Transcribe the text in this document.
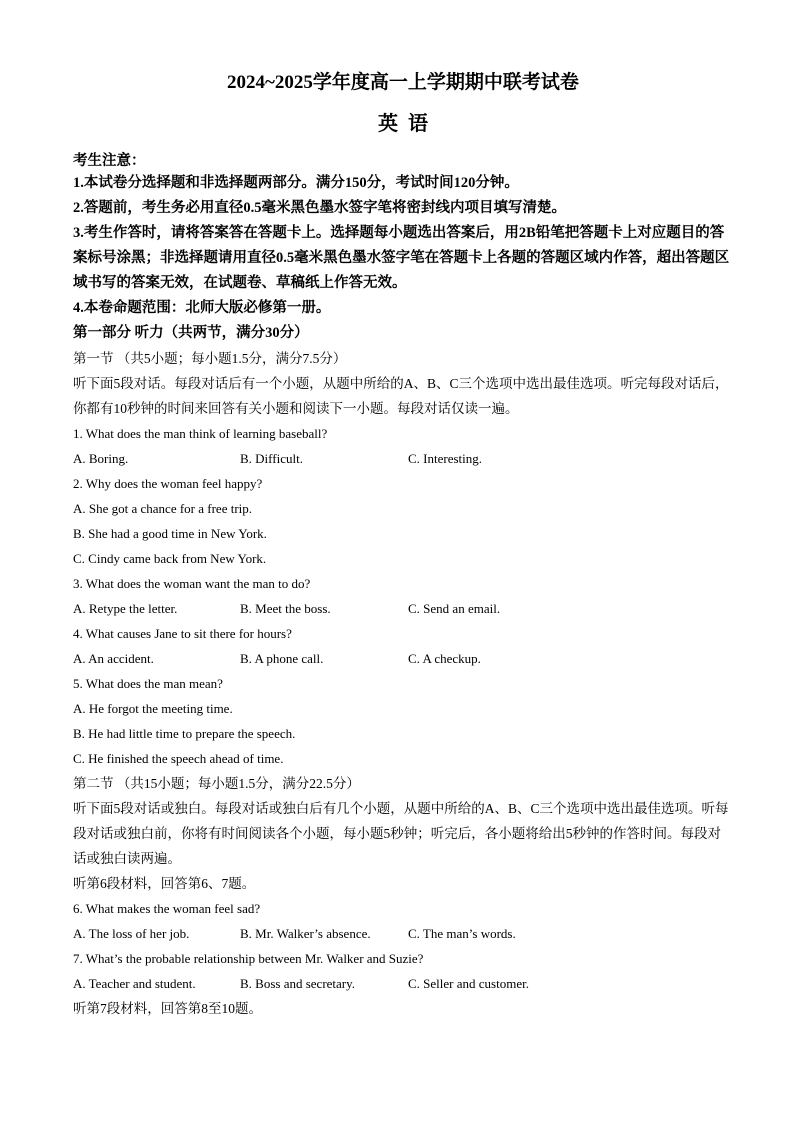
2024~2025学年度高一上学期期中联考试卷
英语
考生注意：

1.本试卷分选择题和非选择题两部分。满分150分，考试时间120分钟。

2.答题前，考生务必用直径0.5毫米黑色墨水签字笔将密封线内项目填写清楚。

3.考生作答时，请将答案答在答题卡上。选择题每小题选出答案后，用2B铅笔把答题卡上对应题目的答案标号涂黑；非选择题请用直径0.5毫米黑色墨水签字笔在答题卡上各题的答题区域内作答，超出答题区域书写的答案无效，在试题卷、草稿纸上作答无效。

4.本卷命题范围：北师大版必修第一册。

第一部分 听力（共两节，满分30分）
第一节 （共5小题；每小题1.5分，满分7.5分）
听下面5段对话。每段对话后有一个小题，从题中所给的A、B、C三个选项中选出最佳选项。听完每段对话后，你都有10秒钟的时间来回答有关小题和阅读下一小题。每段对话仅读一遍。
1. What does the man think of learning baseball?
A. Boring.	B. Difficult.	C. Interesting.
2. Why does the woman feel happy?
A. She got a chance for a free trip.
B. She had a good time in New York.
C. Cindy came back from New York.
3. What does the woman want the man to do?
A. Retype the letter.	B. Meet the boss.	C. Send an email.
4. What causes Jane to sit there for hours?
A. An accident.	B. A phone call.	C. A checkup.
5. What does the man mean?
A. He forgot the meeting time.
B. He had little time to prepare the speech.
C. He finished the speech ahead of time.
第二节 （共15小题；每小题1.5分，满分22.5分）
听下面5段对话或独白。每段对话或独白后有几个小题，从题中所给的A、B、C三个选项中选出最佳选项。听每段对话或独白前，你将有时间阅读各个小题，每小题5秒钟；听完后，各小题将给出5秒钟的作答时间。每段对话或独白读两遍。
听第6段材料，回答第6、7题。
6. What makes the woman feel sad?
A. The loss of her job.	B. Mr. Walker’s absence.	C. The man’s words.
7. What’s the probable relationship between Mr. Walker and Suzie?
A. Teacher and student.	B. Boss and secretary.	C. Seller and customer.
听第7段材料，回答第8至10题。
